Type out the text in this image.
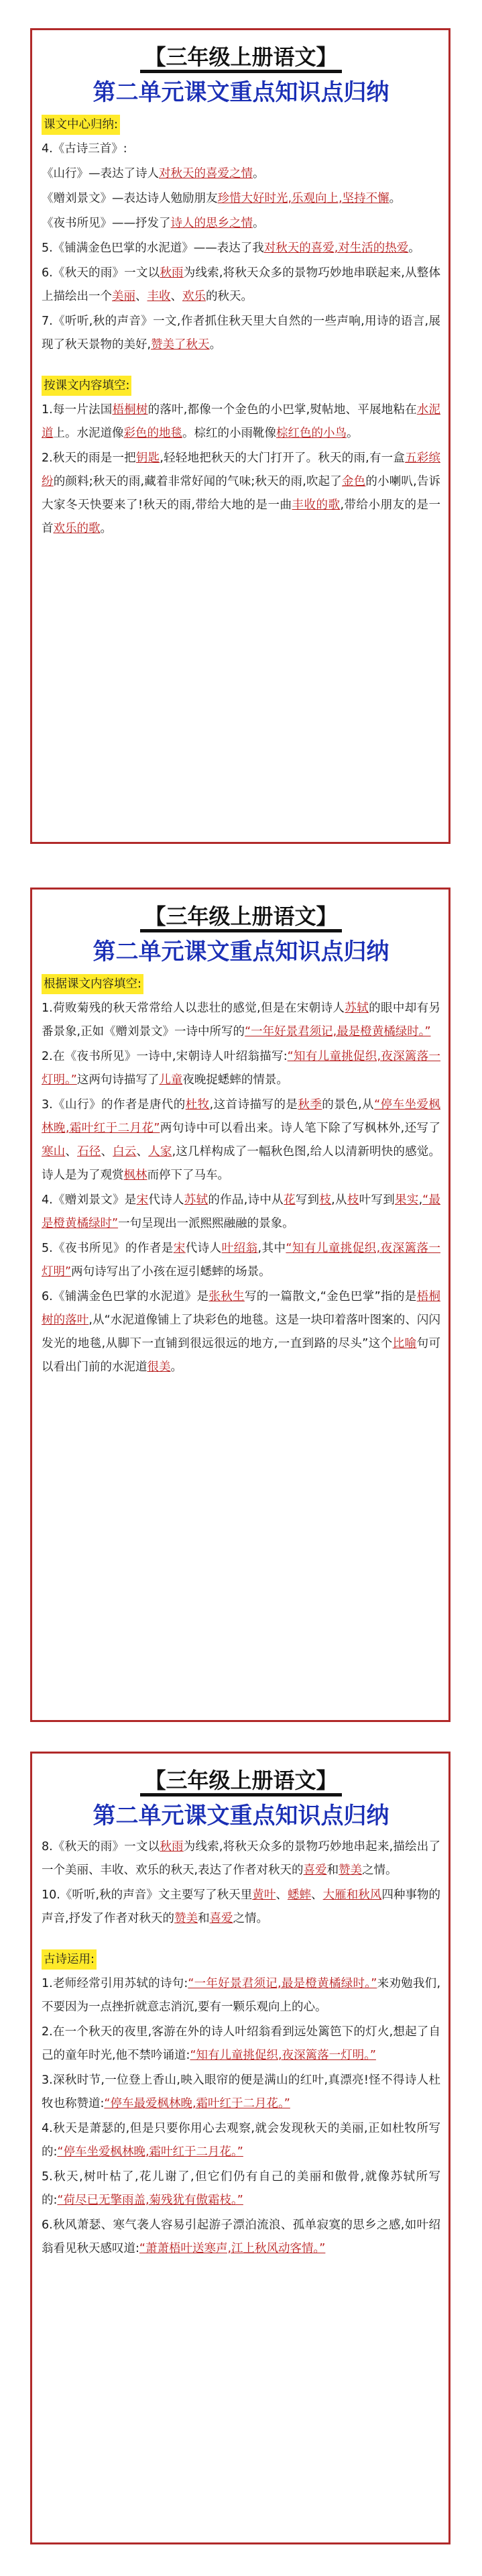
【三年级上册语文】
第二单元课文重点知识点归纳
课文中心归纳:
4.《古诗三首》:
《山行》—表达了诗人对秋天的喜爱之情。
《赠刘景文》—表达诗人勉励朋友珍惜大好时光,乐观向上,坚持不懈。
《夜书所见》——抒发了诗人的思乡之情。
5.《铺满金色巴掌的水泥道》——表达了我对秋天的喜爱,对生活的热爱。
6.《秋天的雨》一文以秋雨为线索,将秋天众多的景物巧妙地串联起来,从整体上描绘出一个美丽、丰收、欢乐的秋天。
7.《听听,秋的声音》一文,作者抓住秋天里大自然的一些声响,用诗的语言,展现了秋天景物的美好,赞美了秋天。
按课文内容填空:
1.每一片法国梧桐树的落叶,都像一个金色的小巴掌,熨帖地、平展地粘在水泥道上。水泥道像彩色的地毯。棕红的小雨靴像棕红色的小鸟。
2.秋天的雨是一把钥匙,轻轻地把秋天的大门打开了。秋天的雨,有一盒五彩缤纷的颜料;秋天的雨,藏着非常好闻的气味;秋天的雨,吹起了金色的小喇叭,告诉大家冬天快要来了!秋天的雨,带给大地的是一曲丰收的歌,带给小朋友的是一首欢乐的歌。
【三年级上册语文】
第二单元课文重点知识点归纳
根据课文内容填空:
1.荷败菊残的秋天常常给人以悲壮的感觉,但是在宋朝诗人苏轼的眼中却有另番景象,正如《赠刘景文》一诗中所写的“一年好景君须记,最是橙黄橘绿时。”
2.在《夜书所见》一诗中,宋朝诗人叶绍翁描写:“知有儿童挑促织,夜深篱落一灯明。”这两句诗描写了儿童夜晚捉蟋蟀的情景。
3.《山行》的作者是唐代的杜牧,这首诗描写的是秋季的景色,从“停车坐爱枫林晚,霜叶红于二月花”两句诗中可以看出来。诗人笔下除了写枫林外,还写了寒山、石径、白云、人家,这几样构成了一幅秋色图,给人以清新明快的感觉。诗人是为了观赏枫林而停下了马车。
4.《赠刘景文》是宋代诗人苏轼的作品,诗中从花写到枝,从枝叶写到果实,“最是橙黄橘绿时”一句呈现出一派熙熙融融的景象。
5.《夜书所见》的作者是宋代诗人叶绍翁,其中“知有儿童挑促织,夜深篱落一灯明”两句诗写出了小孩在逗引蟋蟀的场景。
6.《铺满金色巴掌的水泥道》是张秋生写的一篇散文,“金色巴掌”指的是梧桐树的落叶,从“水泥道像铺上了块彩色的地毯。这是一块印着落叶图案的、闪闪发光的地毯,从脚下一直铺到很远很远的地方,一直到路的尽头”这个比喻句可以看出门前的水泥道很美。
【三年级上册语文】
第二单元课文重点知识点归纳
8.《秋天的雨》一文以秋雨为线索,将秋天众多的景物巧妙地串起来,描绘出了一个美丽、丰收、欢乐的秋天,表达了作者对秋天的喜爱和赞美之情。
10.《听听,秋的声音》文主要写了秋天里黄叶、蟋蟀、大雁和秋风四种事物的声音,抒发了作者对秋天的赞美和喜爱之情。
古诗运用:
1.老师经常引用苏轼的诗句:“一年好景君须记,最是橙黄橘绿时。”来劝勉我们,不要因为一点挫折就意志消沉,要有一颗乐观向上的心。
2.在一个秋天的夜里,客游在外的诗人叶绍翁看到远处篱笆下的灯火,想起了自己的童年时光,他不禁吟诵道:“知有儿童挑促织,夜深篱落一灯明。”
3.深秋时节,一位登上香山,映入眼帘的便是满山的红叶,真漂亮!怪不得诗人杜牧也称赞道:“停车最爱枫林晚,霜叶红于二月花。”
4.秋天是萧瑟的,但是只要你用心去观察,就会发现秋天的美丽,正如杜牧所写的:“停车坐爱枫林晚,霜叶红于二月花。”
5.秋天,树叶枯了,花儿谢了,但它们仍有自己的美丽和傲骨,就像苏轼所写的:“荷尽已无擎雨盖,菊残犹有傲霜枝。”
6.秋风萧瑟、寒气袭人容易引起游子漂泊流浪、孤单寂寞的思乡之感,如叶绍翁看见秋天感叹道:“萧萧梧叶送寒声,江上秋风动客情。”
